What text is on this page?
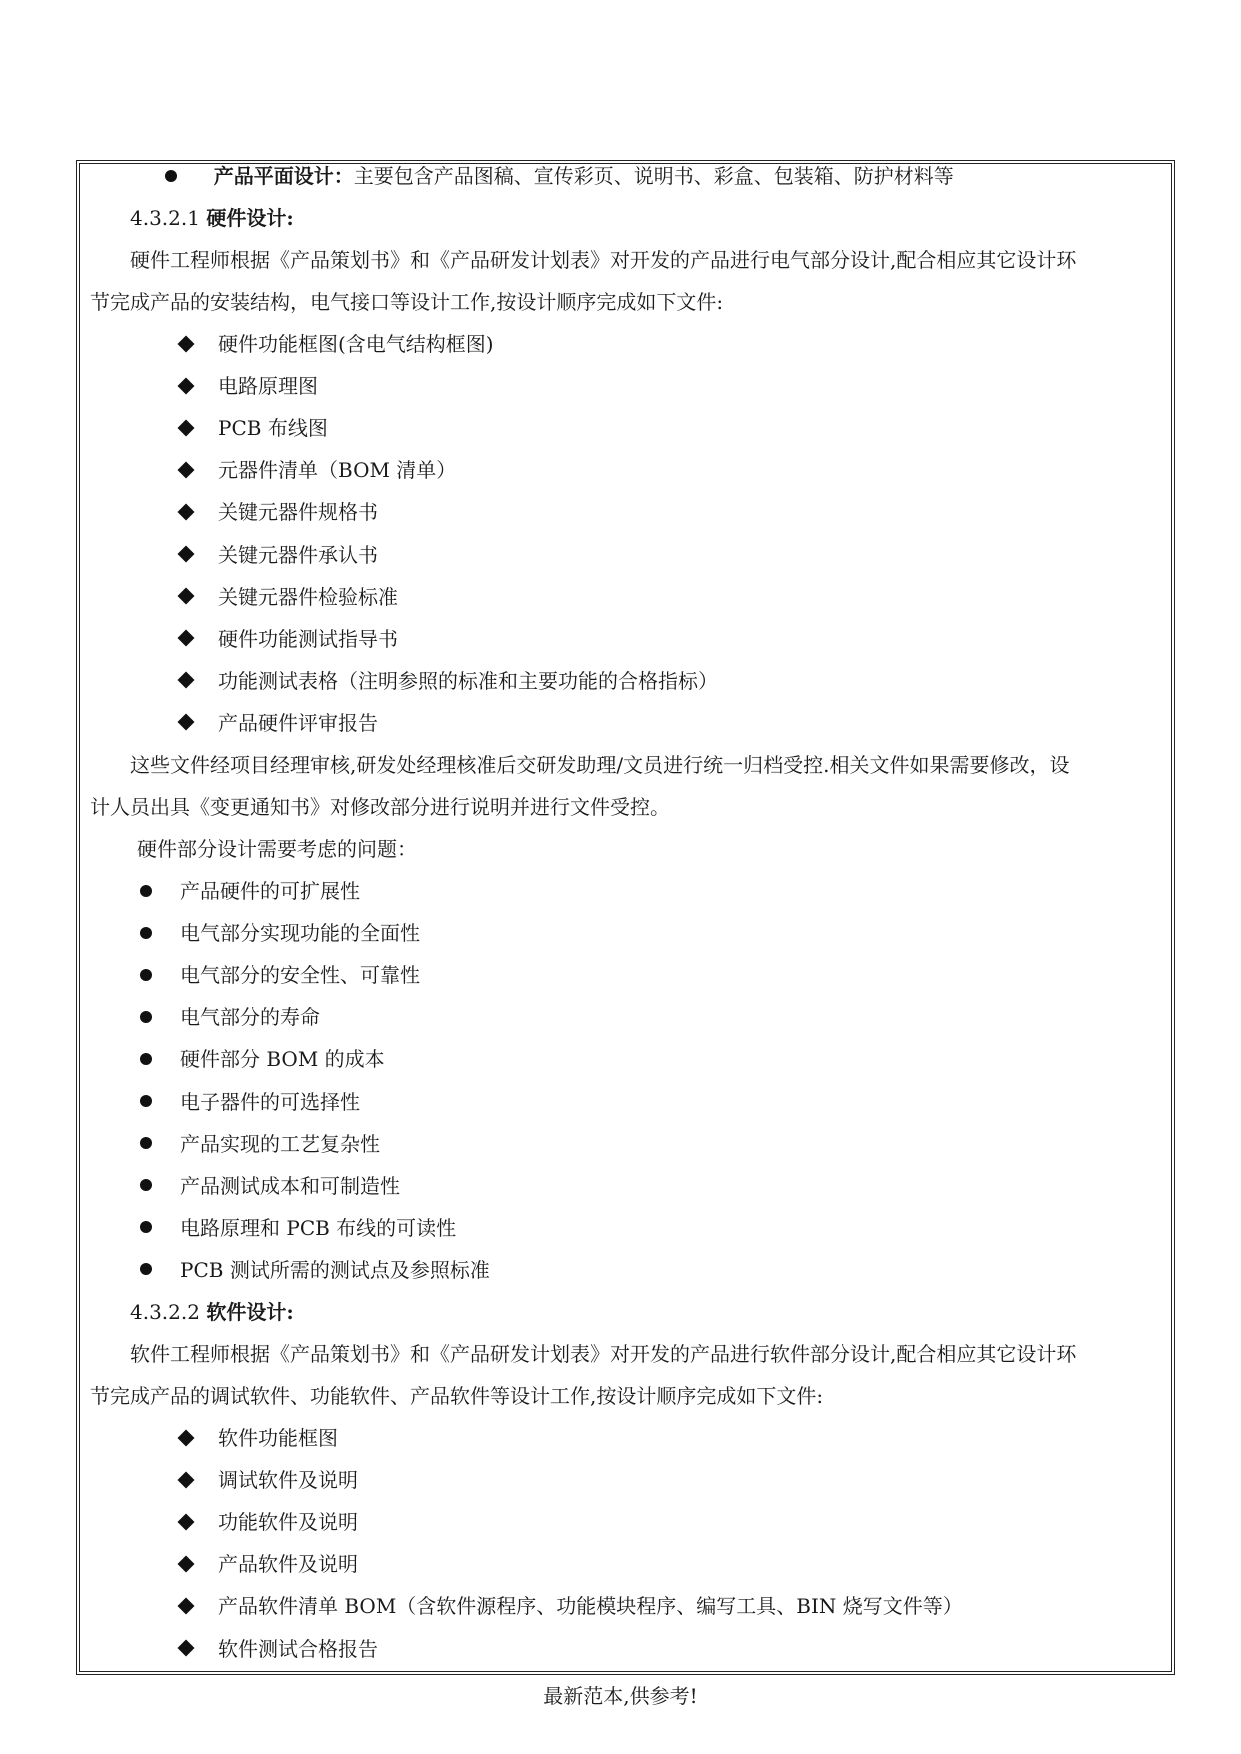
产品平面设计：主要包含产品图稿、宣传彩页、说明书、彩盒、包装箱、防护材料等
4.3.2.1 硬件设计:
硬件工程师根据《产品策划书》和《产品研发计划表》对开发的产品进行电气部分设计,配合相应其它设计环
节完成产品的安装结构，电气接口等设计工作,按设计顺序完成如下文件:
硬件功能框图(含电气结构框图)
电路原理图
PCB 布线图
元器件清单（BOM 清单）
关键元器件规格书
关键元器件承认书
关键元器件检验标准
硬件功能测试指导书
功能测试表格（注明参照的标准和主要功能的合格指标）
产品硬件评审报告
这些文件经项目经理审核,研发处经理核准后交研发助理/文员进行统一归档受控.相关文件如果需要修改，设
计人员出具《变更通知书》对修改部分进行说明并进行文件受控。
硬件部分设计需要考虑的问题：
产品硬件的可扩展性
电气部分实现功能的全面性
电气部分的安全性、可靠性
电气部分的寿命
硬件部分 BOM 的成本
电子器件的可选择性
产品实现的工艺复杂性
产品测试成本和可制造性
电路原理和 PCB 布线的可读性
PCB 测试所需的测试点及参照标准
4.3.2.2 软件设计:
软件工程师根据《产品策划书》和《产品研发计划表》对开发的产品进行软件部分设计,配合相应其它设计环
节完成产品的调试软件、功能软件、产品软件等设计工作,按设计顺序完成如下文件:
软件功能框图
调试软件及说明
功能软件及说明
产品软件及说明
产品软件清单 BOM（含软件源程序、功能模块程序、编写工具、BIN 烧写文件等）
软件测试合格报告
最新范本,供参考!
